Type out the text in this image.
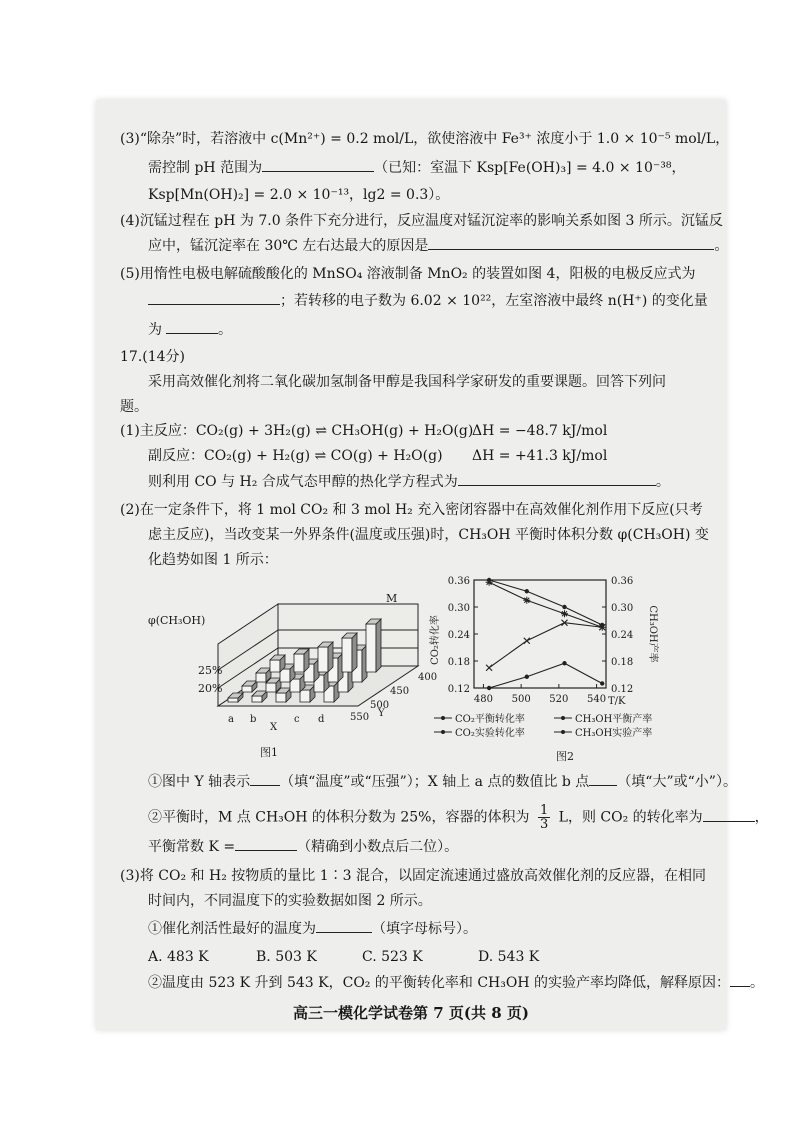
(3)“除杂”时，若溶液中 c(Mn²⁺) = 0.2 mol/L，欲使溶液中 Fe³⁺ 浓度小于 1.0 × 10⁻⁵ mol/L，
需控制 pH 范围为	（已知：室温下 Ksp[Fe(OH)₃] = 4.0 × 10⁻³⁸，
Ksp[Mn(OH)₂] = 2.0 × 10⁻¹³，lg2 = 0.3）。
(4)沉锰过程在 pH 为 7.0 条件下充分进行，反应温度对锰沉淀率的影响关系如图 3 所示。沉锰反
应中，锰沉淀率在 30℃ 左右达最大的原因是	。
(5)用惰性电极电解硫酸酸化的 MnSO₄ 溶液制备 MnO₂ 的装置如图 4，阳极的电极反应式为
；若转移的电子数为 6.02 × 10²²，左室溶液中最终 n(H⁺) 的变化量
为	。
17.(14分)
采用高效催化剂将二氧化碳加氢制备甲醇是我国科学家研发的重要课题。回答下列问
题。
(1)主反应：CO₂(g) + 3H₂(g) ⇌ CH₃OH(g) + H₂O(g)
ΔH = −48.7 kJ/mol
副反应：CO₂(g) + H₂(g) ⇌ CO(g) + H₂O(g) ΔH = +41.3 kJ/mol
则利用 CO 与 H₂ 合成气态甲醇的热化学方程式为	。
(2)在一定条件下，将 1 mol CO₂ 和 3 mol H₂ 充入密闭容器中在高效催化剂作用下反应(只考
虑主反应)，当改变某一外界条件(温度或压强)时，CH₃OH 平衡时体积分数 φ(CH₃OH) 变
化趋势如图 1 所示：
φ(CH₃OH)
25%
20%
a b
X
c d	550
500
450
400
Y
M
图1
0.12	0.12
0.18	0.18
0.24	0.24
0.30	0.30
0.36	0.36
480 500 520 540
CO₂转化率	CH₃OH产率
T/K
CO₂平衡转化率
CO₂实验转化率
CH₃OH平衡产率
CH₃OH实验产率
图2
①图中 Y 轴表示 （填“温度”或“压强”）；X 轴上 a 点的数值比 b 点 （填“大”或“小”）。
②平衡时，M 点 CH₃OH 的体积分数为 25%，容器的体积为 $\frac{1}{3}$ L，则 CO₂ 的转化率为	，
平衡常数 K =	（精确到小数点后二位）。
(3)将 CO₂ 和 H₂ 按物质的量比 1∶3 混合，以固定流速通过盛放高效催化剂的反应器，在相同
时间内，不同温度下的实验数据如图 2 所示。
①催化剂活性最好的温度为	（填字母标号）。
A. 483 K	B. 503 K	C. 523 K	D. 543 K
②温度由 523 K 升到 543 K，CO₂ 的平衡转化率和 CH₃OH 的实验产率均降低，解释原因： 。
高三一模化学试卷第 7 页(共 8 页)
